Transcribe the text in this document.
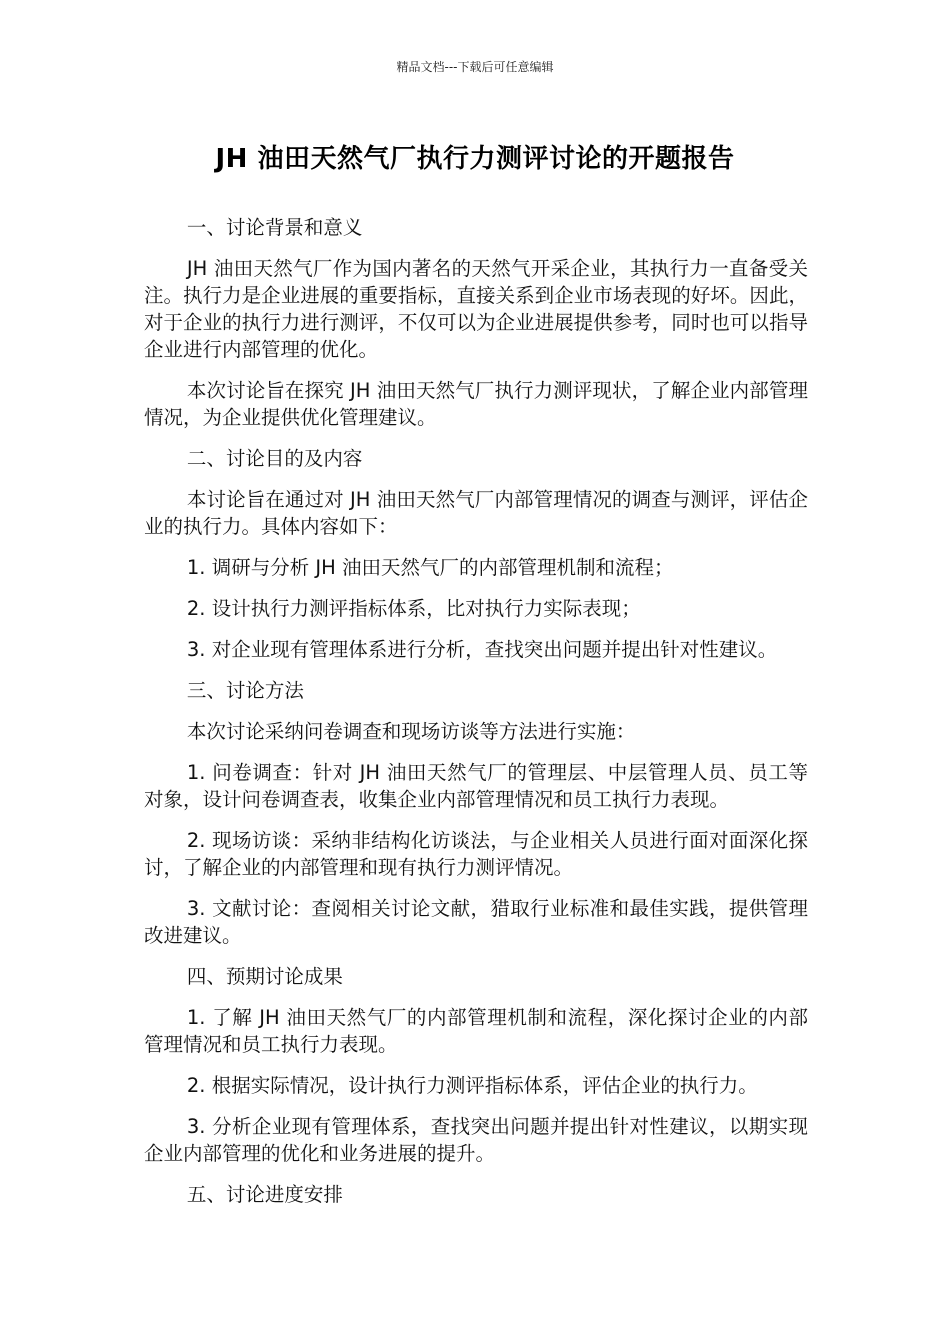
精品文档---下载后可任意编辑
JH 油田天然气厂执行力测评讨论的开题报告

一、讨论背景和意义

JH 油田天然气厂作为国内著名的天然气开采企业，其执行力一直备受关注。执行力是企业进展的重要指标，直接关系到企业市场表现的好坏。因此，对于企业的执行力进行测评，不仅可以为企业进展提供参考，同时也可以指导企业进行内部管理的优化。

本次讨论旨在探究 JH 油田天然气厂执行力测评现状，了解企业内部管理情况，为企业提供优化管理建议。

二、讨论目的及内容

本讨论旨在通过对 JH 油田天然气厂内部管理情况的调查与测评，评估企业的执行力。具体内容如下：

1. 调研与分析 JH 油田天然气厂的内部管理机制和流程；

2. 设计执行力测评指标体系，比对执行力实际表现；

3. 对企业现有管理体系进行分析，查找突出问题并提出针对性建议。

三、讨论方法

本次讨论采纳问卷调查和现场访谈等方法进行实施：

1. 问卷调查：针对 JH 油田天然气厂的管理层、中层管理人员、员工等对象，设计问卷调查表，收集企业内部管理情况和员工执行力表现。

2. 现场访谈：采纳非结构化访谈法，与企业相关人员进行面对面深化探讨，了解企业的内部管理和现有执行力测评情况。

3. 文献讨论：查阅相关讨论文献，猎取行业标准和最佳实践，提供管理改进建议。

四、预期讨论成果

1. 了解 JH 油田天然气厂的内部管理机制和流程，深化探讨企业的内部管理情况和员工执行力表现。

2. 根据实际情况，设计执行力测评指标体系，评估企业的执行力。

3. 分析企业现有管理体系，查找突出问题并提出针对性建议，以期实现企业内部管理的优化和业务进展的提升。

五、讨论进度安排
